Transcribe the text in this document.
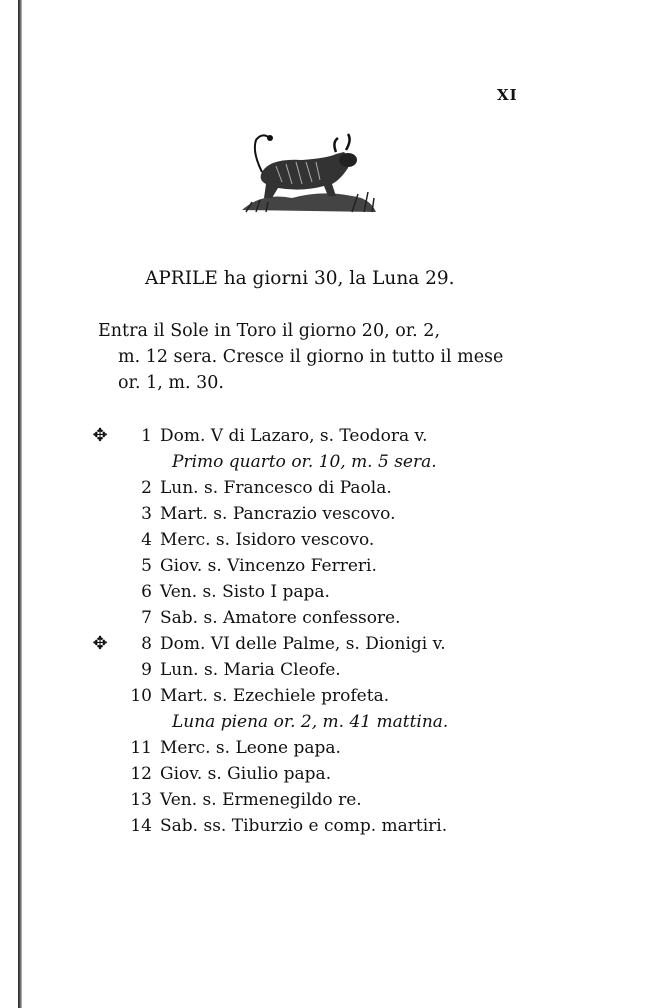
XI
APRILE ha giorni 30, la Luna 29.
Entra il Sole in Toro il giorno 20, or. 2,
m. 12 sera. Cresce il giorno in tutto il mese
or. 1, m. 30.
✥	1 Dom. V di Lazaro, s. Teodora v.
Primo quarto or. 10, m. 5 sera.
2 Lun. s. Francesco di Paola.
3 Mart. s. Pancrazio vescovo.
4 Merc. s. Isidoro vescovo.
5 Giov. s. Vincenzo Ferreri.
6 Ven. s. Sisto I papa.
7 Sab. s. Amatore confessore.
✥	8 Dom. VI delle Palme, s. Dionigi v.
9 Lun. s. Maria Cleofe.
10 Mart. s. Ezechiele profeta.
Luna piena or. 2, m. 41 mattina.
11 Merc. s. Leone papa.
12 Giov. s. Giulio papa.
13 Ven. s. Ermenegildo re.
14 Sab. ss. Tiburzio e comp. martiri.
